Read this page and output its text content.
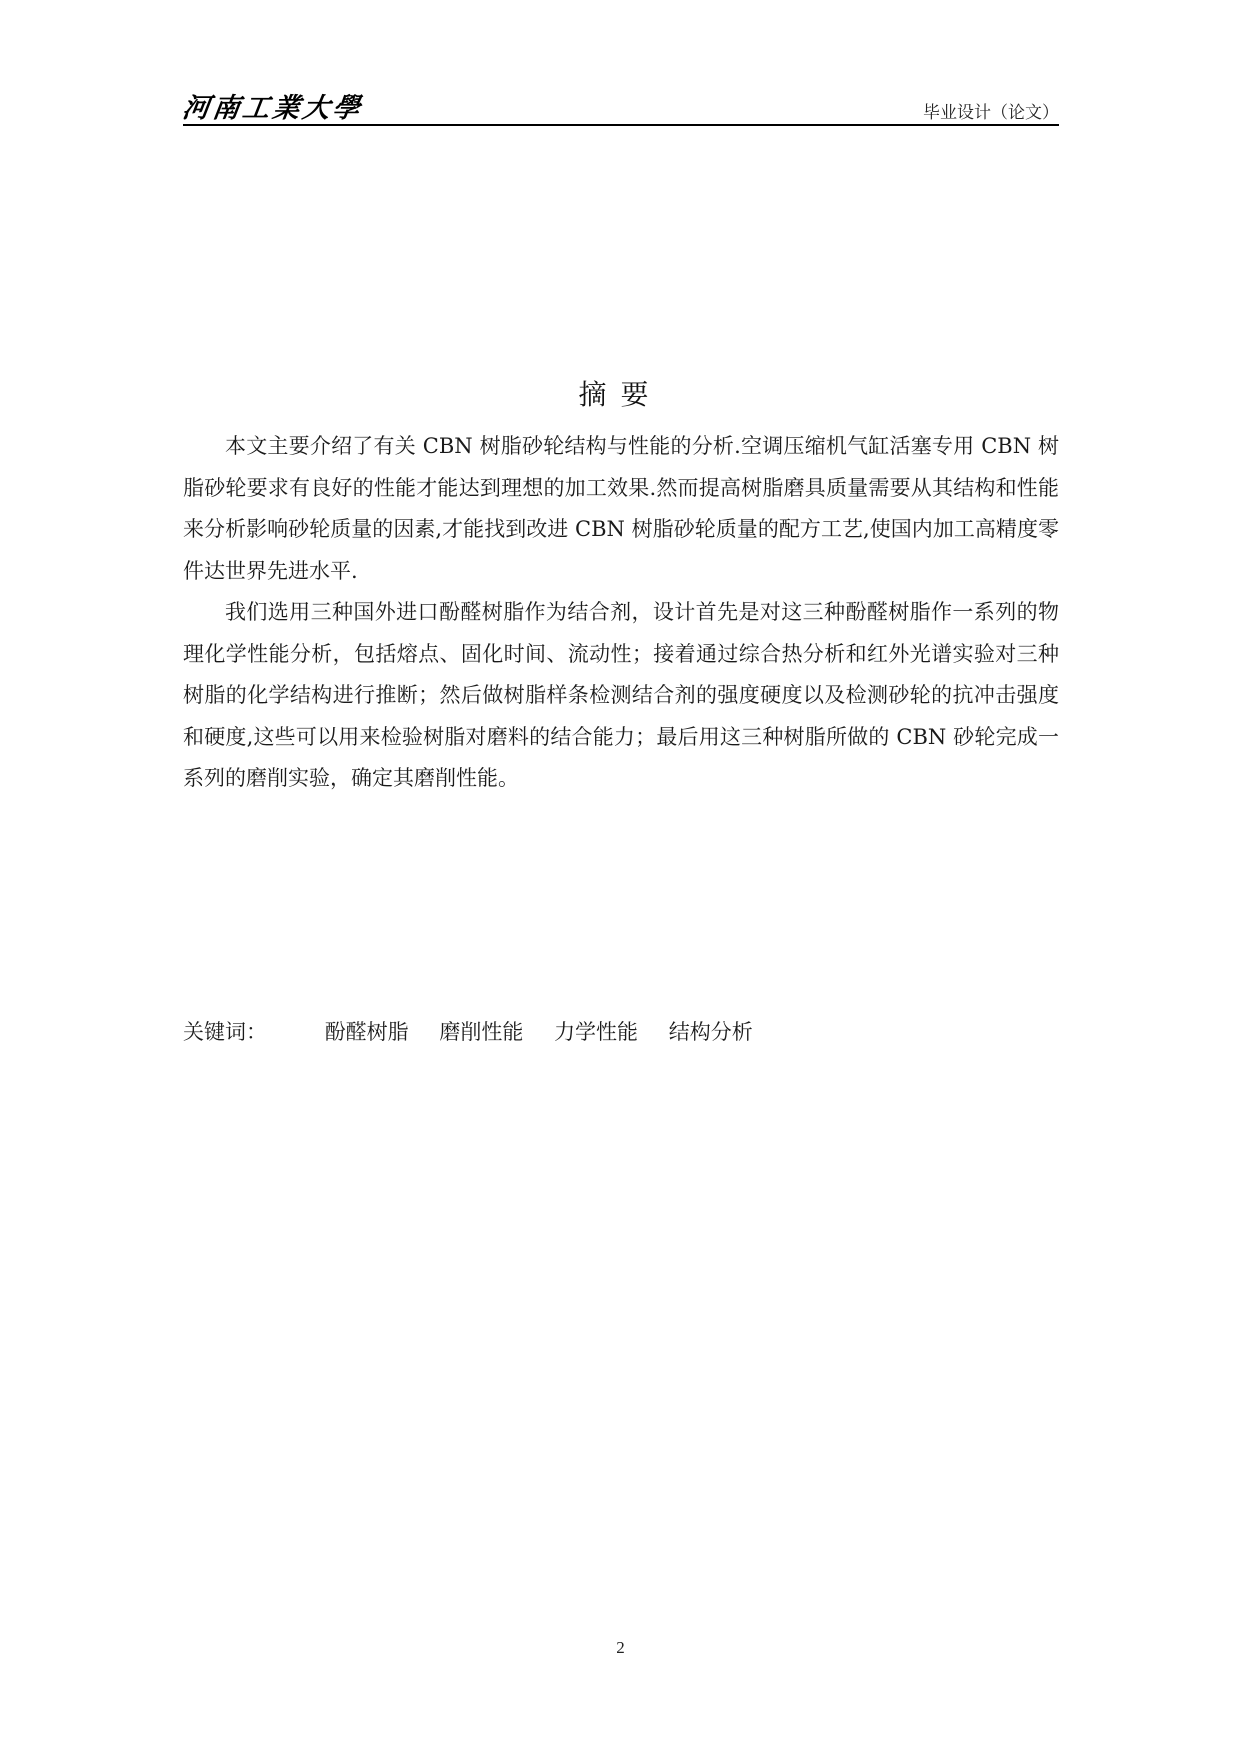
河南工業大學	毕业设计（论文）
摘要

本文主要介绍了有关 CBN 树脂砂轮结构与性能的分析.空调压缩机气缸活塞专用 CBN 树脂砂轮要求有良好的性能才能达到理想的加工效果.然而提高树脂磨具质量需要从其结构和性能来分析影响砂轮质量的因素,才能找到改进 CBN 树脂砂轮质量的配方工艺,使国内加工高精度零件达世界先进水平.

我们选用三种国外进口酚醛树脂作为结合剂，设计首先是对这三种酚醛树脂作一系列的物理化学性能分析，包括熔点、固化时间、流动性；接着通过综合热分析和红外光谱实验对三种树脂的化学结构进行推断；然后做树脂样条检测结合剂的强度硬度以及检测砂轮的抗冲击强度和硬度,这些可以用来检验树脂对磨料的结合能力；最后用这三种树脂所做的 CBN 砂轮完成一系列的磨削实验，确定其磨削性能。

关键词：	酚醛树脂 磨削性能 力学性能 结构分析
2
